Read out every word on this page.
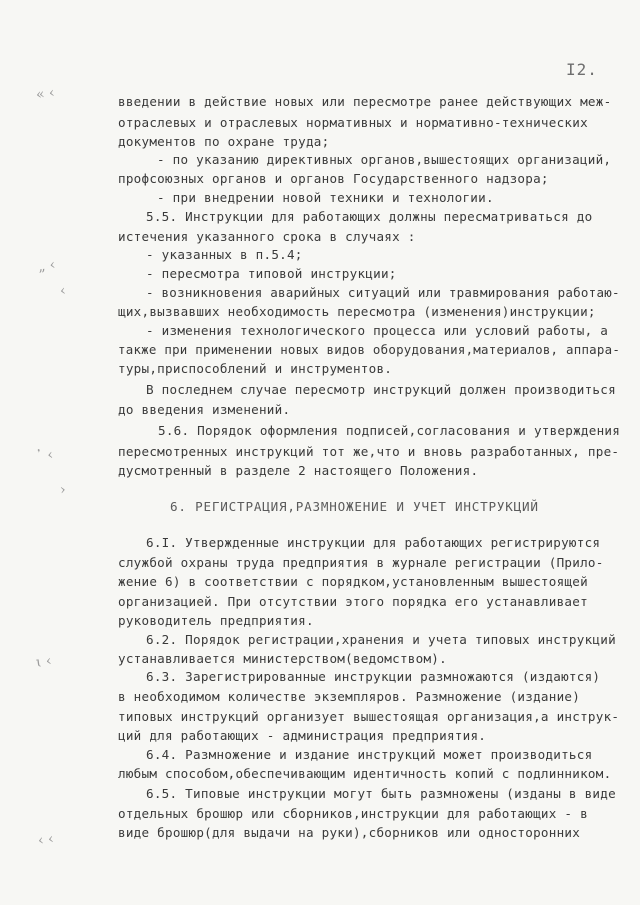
I2.
« ‹
„ ‹
‹
᾿ ‹
›
ɩ ‹
‹ ‹
введении в действие новых или пересмотре ранее действующих меж-
отраслевых и отраслевых нормативных и нормативно-технических
документов по охране труда;
- по указанию директивных органов,вышестоящих организаций,
профсоюзных органов и органов Государственного надзора;
- при внедрении новой техники и технологии.
5.5. Инструкции для работающих должны пересматриваться до
истечения указанного срока в случаях :
- указанных в п.5.4;
- пересмотра типовой инструкции;
- возникновения аварийных ситуаций или травмирования работаю-
щих,вызвавших необходимость пересмотра (изменения)инструкции;
- изменения технологического процесса или условий работы, а
также при применении новых видов оборудования,материалов, аппара-
туры,приспособлений и инструментов.
В последнем случае пересмотр инструкций должен производиться
до введения изменений.
5.6. Порядок оформления подписей,согласования и утверждения
пересмотренных инструкций тот же,что и вновь разработанных, пре-
дусмотренный в разделе 2 настоящего Положения.
6. РЕГИСТРАЦИЯ,РАЗМНОЖЕНИЕ И УЧЕТ ИНСТРУКЦИЙ
6.I. Утвержденные инструкции для работающих регистрируются
службой охраны труда предприятия в журнале регистрации (Прило-
жение 6) в соответствии с порядком,установленным вышестоящей
организацией. При отсутствии этого порядка его устанавливает
руководитель предприятия.
6.2. Порядок регистрации,хранения и учета типовых инструкций
устанавливается министерством(ведомством).
6.3. Зарегистрированные инструкции размножаются (издаются)
в необходимом количестве экземпляров. Размножение (издание)
типовых инструкций организует вышестоящая организация,а инструк-
ций для работающих - администрация предприятия.
6.4. Размножение и издание инструкций может производиться
любым способом,обеспечивающим идентичность копий с подлинником.
6.5. Типовые инструкции могут быть размножены (изданы в виде
отдельных брошюр или сборников,инструкции для работающих - в
виде брошюр(для выдачи на руки),сборников или односторонних
